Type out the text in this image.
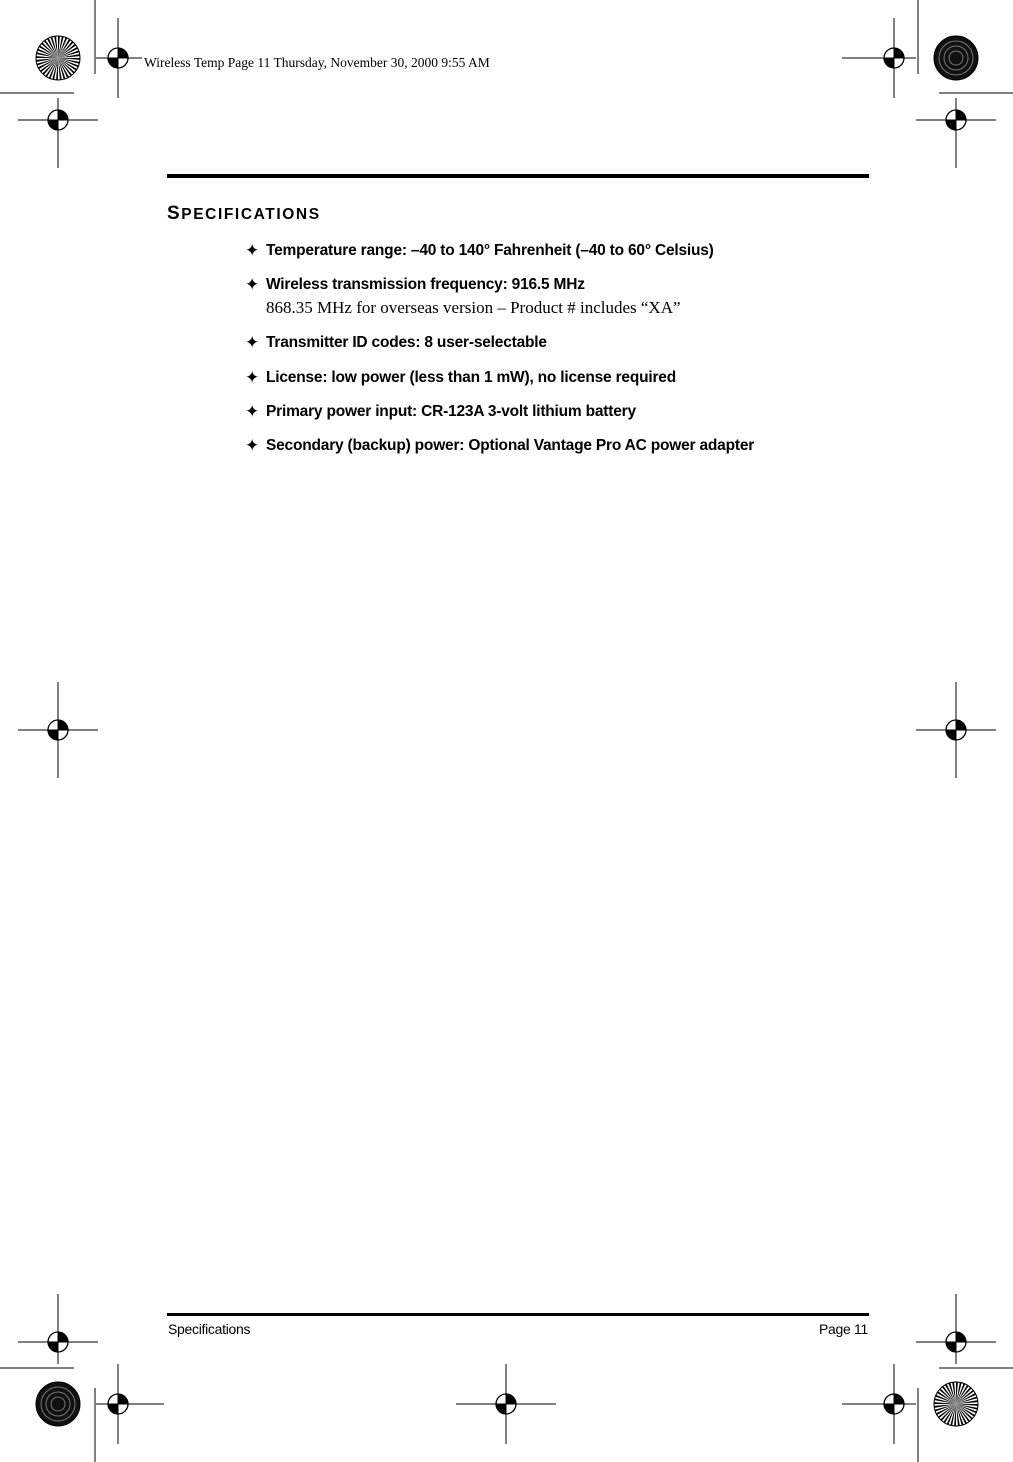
Wireless Temp Page 11 Thursday, November 30, 2000 9:55 AM
SPECIFICATIONS
✦ Temperature range: –40 to 140° Fahrenheit (–40 to 60° Celsius)
✦ Wireless transmission frequency: 916.5 MHz
868.35 MHz for overseas version – Product # includes “XA”
✦ Transmitter ID codes: 8 user-selectable
✦ License: low power (less than 1 mW), no license required
✦ Primary power input: CR-123A 3-volt lithium battery
✦ Secondary (backup) power: Optional Vantage Pro AC power adapter
Specifications	Page 11
